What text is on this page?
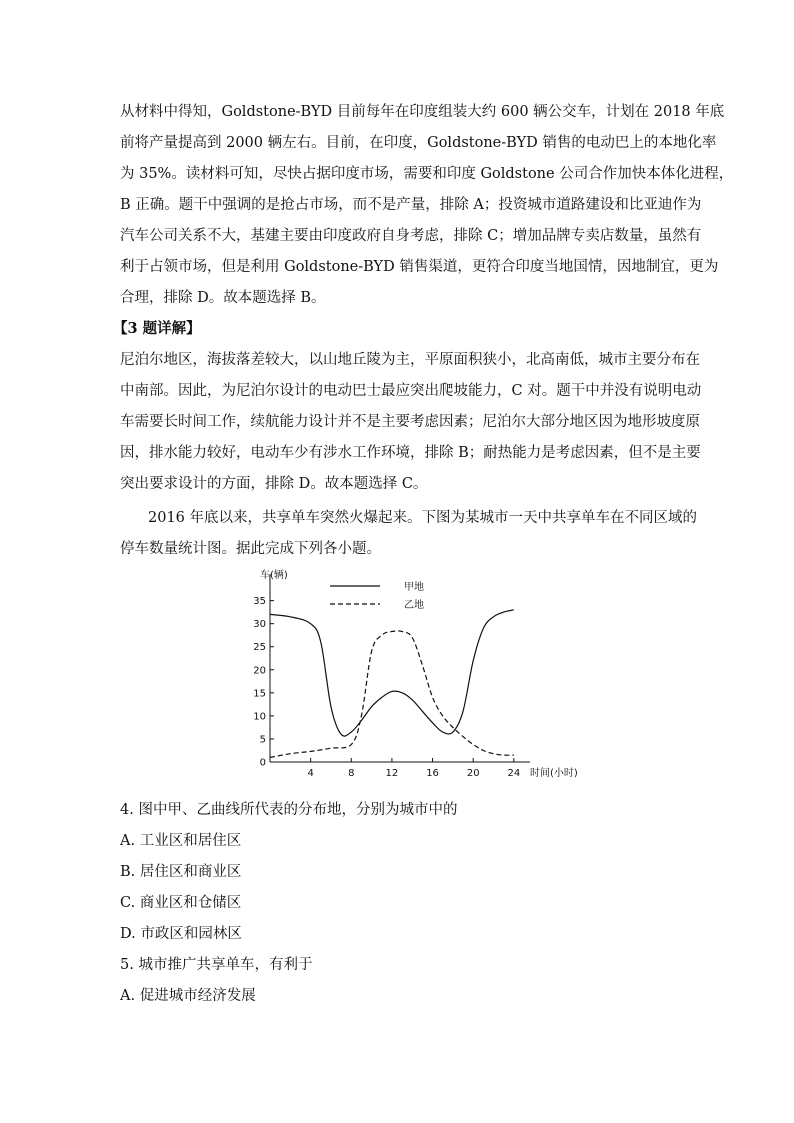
从材料中得知，Goldstone-BYD 目前每年在印度组装大约 600 辆公交车，计划在 2018 年底
前将产量提高到 2000 辆左右。目前，在印度，Goldstone-BYD 销售的电动巴上的本地化率
为 35%。读材料可知，尽快占据印度市场，需要和印度 Goldstone 公司合作加快本体化进程，
B 正确。题干中强调的是抢占市场，而不是产量，排除 A；投资城市道路建设和比亚迪作为
汽车公司关系不大，基建主要由印度政府自身考虑，排除 C；增加品牌专卖店数量，虽然有
利于占领市场，但是利用 Goldstone-BYD 销售渠道，更符合印度当地国情，因地制宜，更为
合理，排除 D。故本题选择 B。
【3 题详解】
尼泊尔地区，海拔落差较大，以山地丘陵为主，平原面积狭小，北高南低，城市主要分布在
中南部。因此，为尼泊尔设计的电动巴士最应突出爬坡能力，C 对。题干中并没有说明电动
车需要长时间工作，续航能力设计并不是主要考虑因素；尼泊尔大部分地区因为地形坡度原
因，排水能力较好，电动车少有涉水工作环境，排除 B；耐热能力是考虑因素，但不是主要
突出要求设计的方面，排除 D。故本题选择 C。
2016 年底以来，共享单车突然火爆起来。下图为某城市一天中共享单车在不同区域的
停车数量统计图。据此完成下列各小题。
0
5
10
15
20
25
30
35
4	8	12	16	20	24
车(辆)
时间(小时)
甲地
乙地
4. 图中甲、乙曲线所代表的分布地，分别为城市中的
A. 工业区和居住区
B. 居住区和商业区
C. 商业区和仓储区
D. 市政区和园林区
5. 城市推广共享单车，有利于
A. 促进城市经济发展
